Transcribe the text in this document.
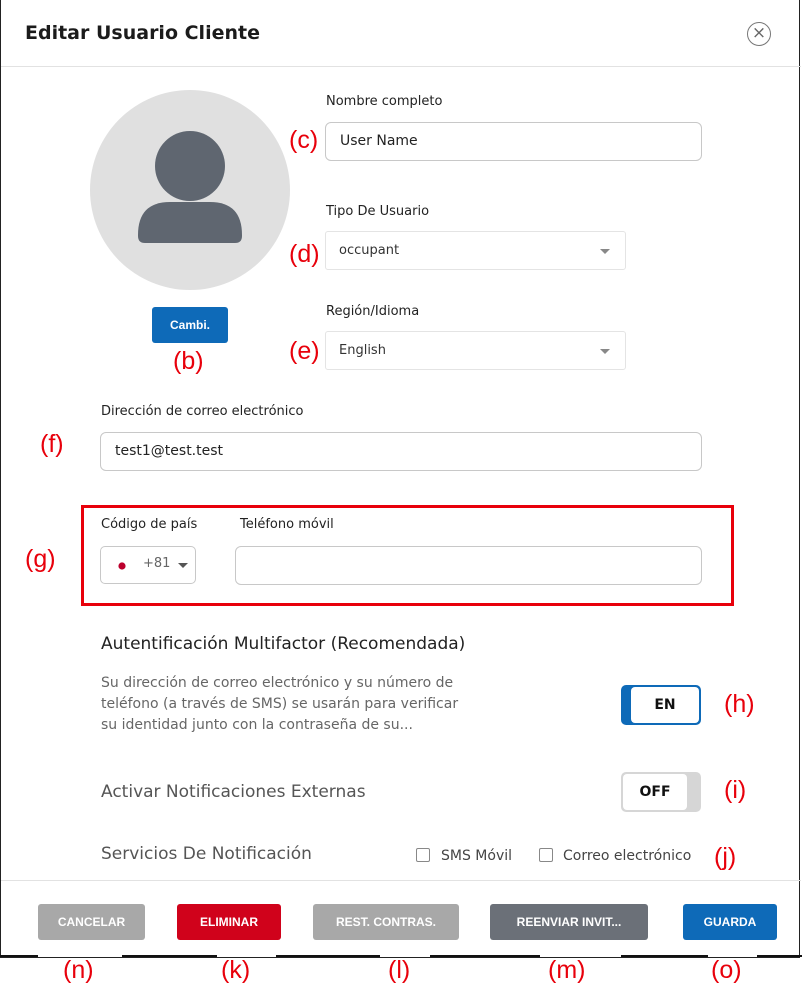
Editar Usuario Cliente	×
Cambi.
Nombre completo
User Name
Tipo De Usuario
occupant
Región/Idioma
English
Dirección de correo electrónico
test1@test.test
Código de país	Teléfono móvil
+81
Autentificación Multifactor (Recomendada)
Su dirección de correo electrónico y su número de
teléfono (a través de SMS) se usarán para verificar
su identidad junto con la contraseña de su...
EN
Activar Notificaciones Externas	OFF
Servicios De Notificación	SMS Móvil	Correo electrónico
CANCELAR	ELIMINAR	REST. CONTRAS.	REENVIAR INVIT...	GUARDA
(b)
(c)
(d)
(e)
(f)
(g)
(h)
(i)
(j)
(k)	(l)	(m)
(n)	(o)
